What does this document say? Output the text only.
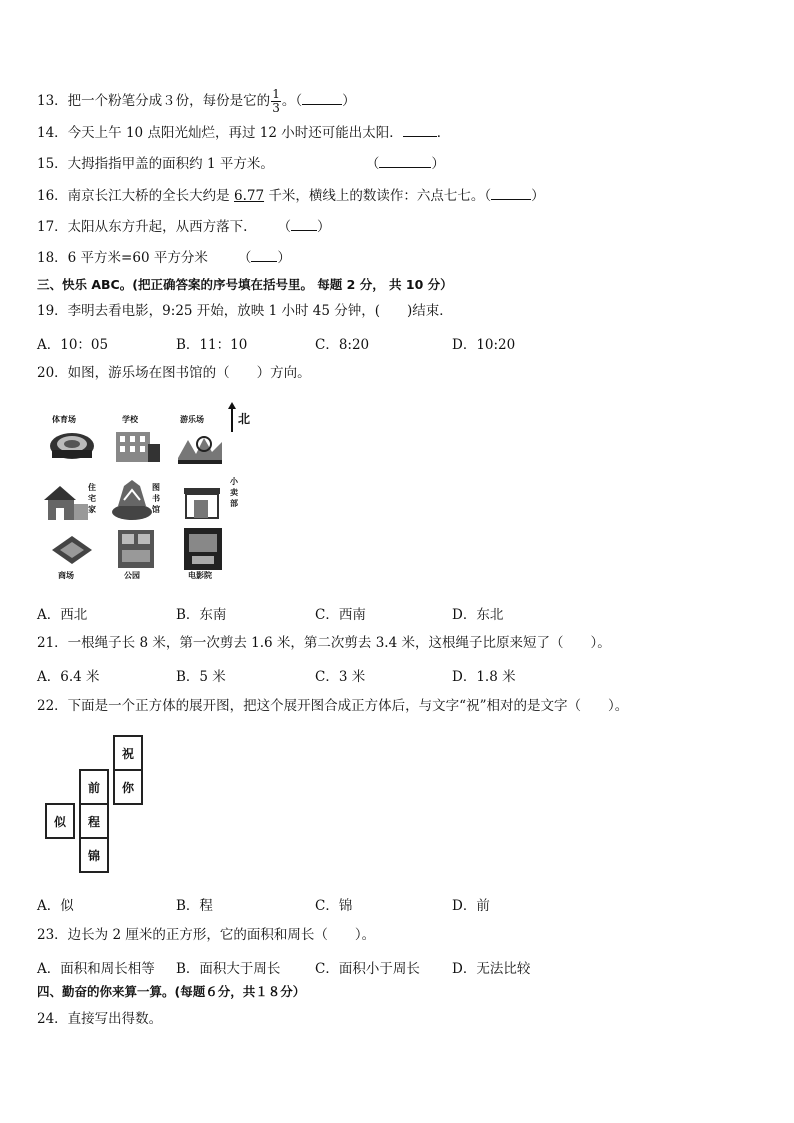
13．把一个粉笔分成３份，每份是它的 $\frac{1}{3}$ 。（	）
14．今天上午 10 点阳光灿烂，再过 12 小时还可能出太阳．	．
15．大拇指指甲盖的面积约 1 平方米。	（	）
16．南京长江大桥的全长大约是 6.77 千米，横线上的数读作：六点七七。（	）
17．太阳从东方升起，从西方落下. （ ）
18．6 平方米=60 平方分米 （ ）
三、快乐 ABC。(把正确答案的序号填在括号里。 每题 2 分， 共 10 分）
19．李明去看电影，9:25 开始，放映 1 小时 45 分钟，(　　)结束．
A．10：05	B．11：10	C．8:20	D．10:20
20．如图，游乐场在图书馆的（　　）方向。
北
体育场	学校	游乐场
住宅家
图书馆
小卖部
商场	公园	电影院
A．西北	B．东南	C．西南	D．东北
21．一根绳子长 8 米，第一次剪去 1.6 米，第二次剪去 3.4 米，这根绳子比原来短了（　　）。
A．6.4 米	B．5 米	C．3 米	D．1.8 米
22．下面是一个正方体的展开图，把这个展开图合成正方体后，与文字“祝”相对的是文字（　　）。
祝
前	你
似	程
锦
A．似	B．程	C．锦	D．前
23．边长为 2 厘米的正方形，它的面积和周长（　　）。
A．面积和周长相等 B．面积大于周长	C．面积小于周长 D．无法比较
四、勤奋的你来算一算。(每题６分，共１８分）
24．直接写出得数。
